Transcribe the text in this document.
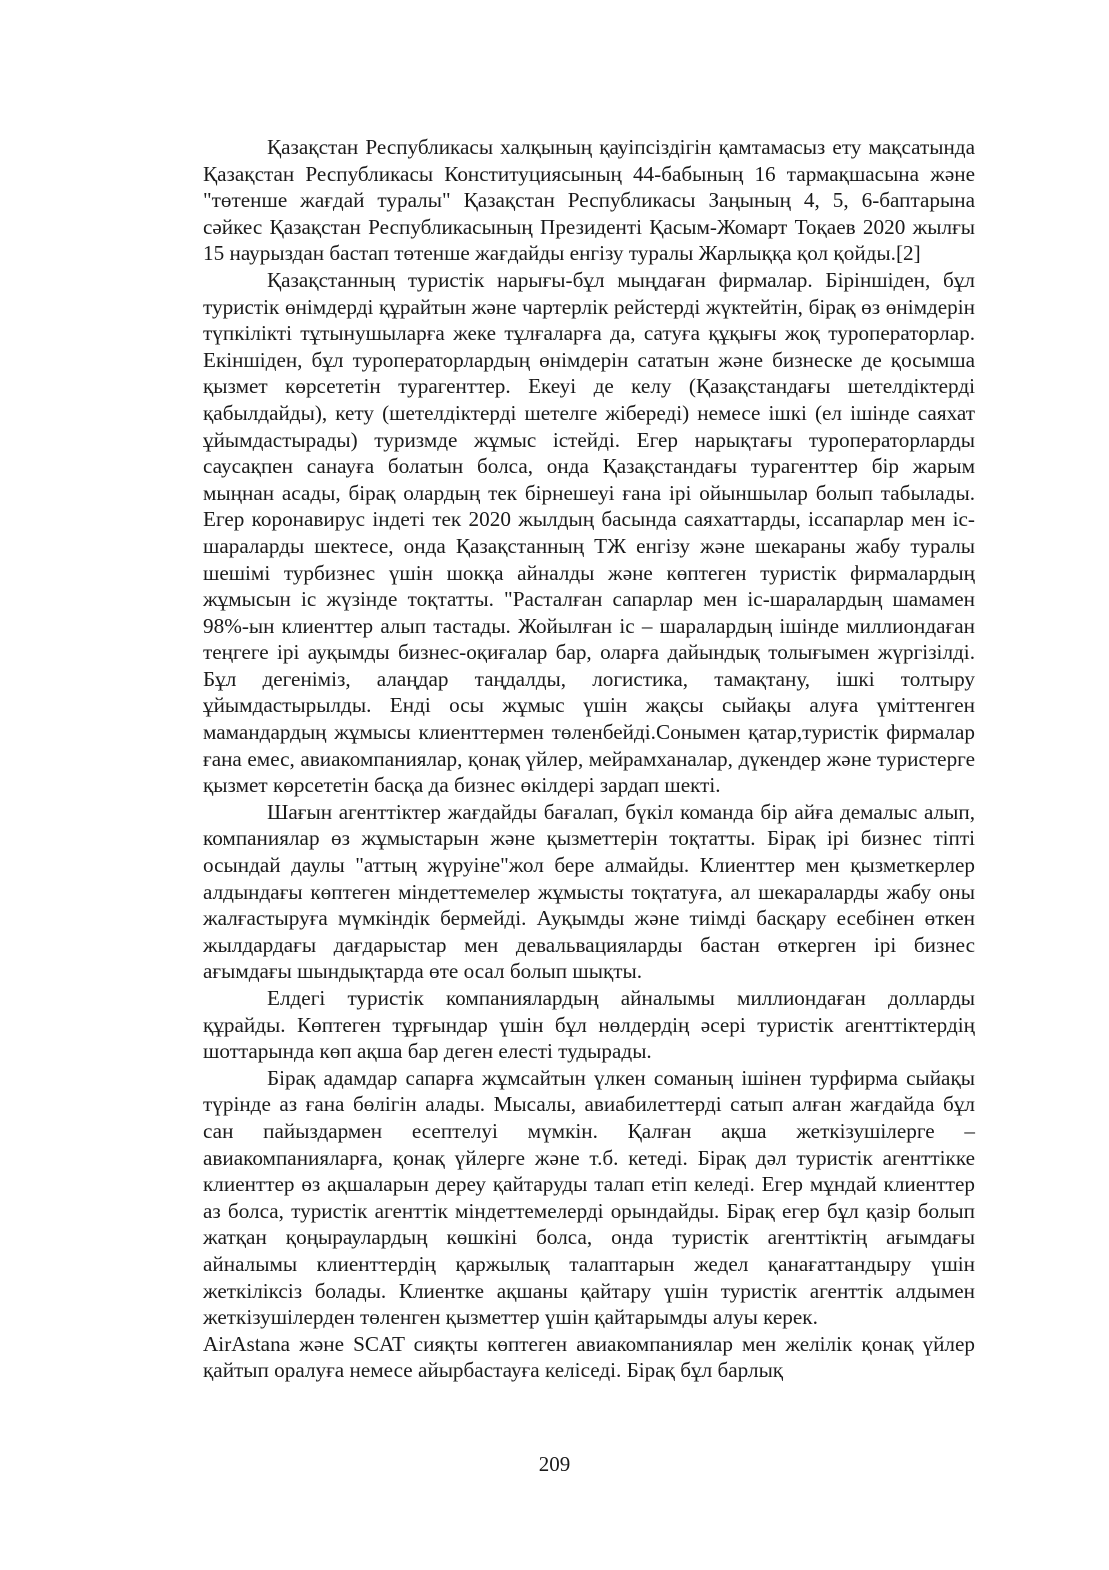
Қазақстан Республикасы халқының қауіпсіздігін қамтамасыз ету мақсатында Қазақстан Республикасы Конституциясының 44-бабының 16 тармақшасына және "төтенше жағдай туралы" Қазақстан Республикасы Заңының 4, 5, 6-баптарына сәйкес Қазақстан Республикасының Президенті Қасым-Жомарт Тоқаев 2020 жылғы 15 наурыздан бастап төтенше жағдайды енгізу туралы Жарлыққа қол қойды.[2]

Қазақстанның туристік нарығы-бұл мыңдаған фирмалар. Біріншіден, бұл туристік өнімдерді құрайтын және чартерлік рейстерді жүктейтін, бірақ өз өнімдерін түпкілікті тұтынушыларға жеке тұлғаларға да, сатуға құқығы жоқ туроператорлар. Екіншіден, бұл туроператорлардың өнімдерін сататын және бизнеске де қосымша қызмет көрсететін турагенттер. Екеуі де келу (Қазақстандағы шетелдіктерді қабылдайды), кету (шетелдіктерді шетелге жібереді) немесе ішкі (ел ішінде саяхат ұйымдастырады) туризмде жұмыс істейді. Егер нарықтағы туроператорларды саусақпен санауға болатын болса, онда Қазақстандағы турагенттер бір жарым мыңнан асады, бірақ олардың тек бірнешеуі ғана ірі ойыншылар болып табылады. Егер коронавирус індеті тек 2020 жылдың басында саяхаттарды, іссапарлар мен іс-шараларды шектесе, онда Қазақстанның ТЖ енгізу және шекараны жабу туралы шешімі турбизнес үшін шокқа айналды және көптеген туристік фирмалардың жұмысын іс жүзінде тоқтатты. "Расталған сапарлар мен іс-шаралардың шамамен 98%-ын клиенттер алып тастады. Жойылған іс – шаралардың ішінде миллиондаған теңгеге ірі ауқымды бизнес-оқиғалар бар, оларға дайындық толығымен жүргізілді. Бұл дегеніміз, алаңдар таңдалды, логистика, тамақтану, ішкі толтыру ұйымдастырылды. Енді осы жұмыс үшін жақсы сыйақы алуға үміттенген мамандардың жұмысы клиенттермен төленбейді.Сонымен қатар,туристік фирмалар ғана емес, авиакомпаниялар, қонақ үйлер, мейрамханалар, дүкендер және туристерге қызмет көрсететін басқа да бизнес өкілдері зардап шекті.

Шағын агенттіктер жағдайды бағалап, бүкіл команда бір айға демалыс алып, компаниялар өз жұмыстарын және қызметтерін тоқтатты. Бірақ ірі бизнес тіпті осындай даулы "аттың жүруіне"жол бере алмайды. Клиенттер мен қызметкерлер алдындағы көптеген міндеттемелер жұмысты тоқтатуға, ал шекараларды жабу оны жалғастыруға мүмкіндік бермейді. Ауқымды және тиімді басқару есебінен өткен жылдардағы дағдарыстар мен девальвацияларды бастан өткерген ірі бизнес ағымдағы шындықтарда өте осал болып шықты.

Елдегі туристік компаниялардың айналымы миллиондаған долларды құрайды. Көптеген тұрғындар үшін бұл нөлдердің әсері туристік агенттіктердің шоттарында көп ақша бар деген елесті тудырады.

Бірақ адамдар сапарға жұмсайтын үлкен соманың ішінен турфирма сыйақы түрінде аз ғана бөлігін алады. Мысалы, авиабилеттерді сатып алған жағдайда бұл сан пайыздармен есептелуі мүмкін. Қалған ақша жеткізушілерге – авиакомпанияларға, қонақ үйлерге және т.б. кетеді. Бірақ дәл туристік агенттікке клиенттер өз ақшаларын дереу қайтаруды талап етіп келеді. Егер мұндай клиенттер аз болса, туристік агенттік міндеттемелерді орындайды. Бірақ егер бұл қазір болып жатқан қоңыраулардың көшкіні болса, онда туристік агенттіктің ағымдағы айналымы клиенттердің қаржылық талаптарын жедел қанағаттандыру үшін жеткіліксіз болады. Клиентке ақшаны қайтару үшін туристік агенттік алдымен жеткізушілерден төленген қызметтер үшін қайтарымды алуы керек.

AirAstana және SCAT сияқты көптеген авиакомпаниялар мен желілік қонақ үйлер қайтып оралуға немесе айырбастауға келіседі. Бірақ бұл барлық

209
